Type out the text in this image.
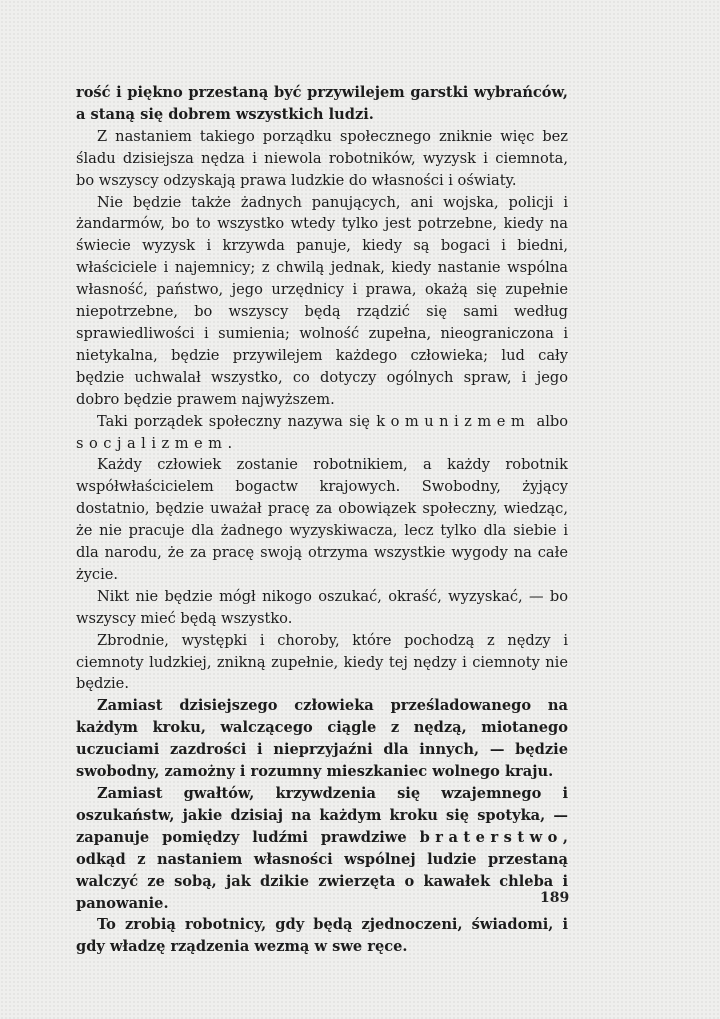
rość i piękno przestaną być przywilejem garstki wybrańców, a staną się dobrem wszystkich ludzi.

Z nastaniem takiego porządku społecznego zniknie więc bez śladu dzisiejsza nędza i niewola robotników, wyzysk i ciemnota, bo wszyscy odzyskają prawa ludzkie do własności i oświaty.

Nie będzie także żadnych panujących, ani wojska, policji i żandarmów, bo to wszystko wtedy tylko jest potrzebne, kiedy na świecie wyzysk i krzywda panuje, kiedy są bogaci i biedni, właściciele i najemnicy; z chwilą jednak, kiedy nastanie wspólna własność, państwo, jego urzędnicy i prawa, okażą się zupełnie niepotrzebne, bo wszyscy będą rządzić się sami według sprawiedliwości i sumienia; wolność zupełna, nieograniczona i nietykalna, będzie przywilejem każdego człowieka; lud cały będzie uchwalał wszystko, co dotyczy ogólnych spraw, i jego dobro będzie prawem najwyższem.

Taki porządek społeczny nazywa się komunizmem albo socjalizmem.

Każdy człowiek zostanie robotnikiem, a każdy robotnik współwłaścicielem bogactw krajowych. Swobodny, żyjący dostatnio, będzie uważał pracę za obowiązek społeczny, wiedząc, że nie pracuje dla żadnego wyzyskiwacza, lecz tylko dla siebie i dla narodu, że za pracę swoją otrzyma wszystkie wygody na całe życie.

Nikt nie będzie mógł nikogo oszukać, okraść, wyzyskać, — bo wszyscy mieć będą wszystko.

Zbrodnie, występki i choroby, które pochodzą z nędzy i ciemnoty ludzkiej, znikną zupełnie, kiedy tej nędzy i ciemnoty nie będzie.

Zamiast dzisiejszego człowieka prześladowanego na każdym kroku, walczącego ciągle z nędzą, miotanego uczuciami zazdrości i nieprzyjaźni dla innych, — będzie swobodny, zamożny i rozumny mieszkaniec wolnego kraju.

Zamiast gwałtów, krzywdzenia się wzajemnego i oszukaństw, jakie dzisiaj na każdym kroku się spotyka, — zapanuje pomiędzy ludźmi prawdziwe braterstwo, odkąd z nastaniem własności wspólnej ludzie przestaną walczyć ze sobą, jak dzikie zwierzęta o kawałek chleba i panowanie.

To zrobią robotnicy, gdy będą zjednoczeni, świadomi, i gdy władzę rządzenia wezmą w swe ręce.

189
